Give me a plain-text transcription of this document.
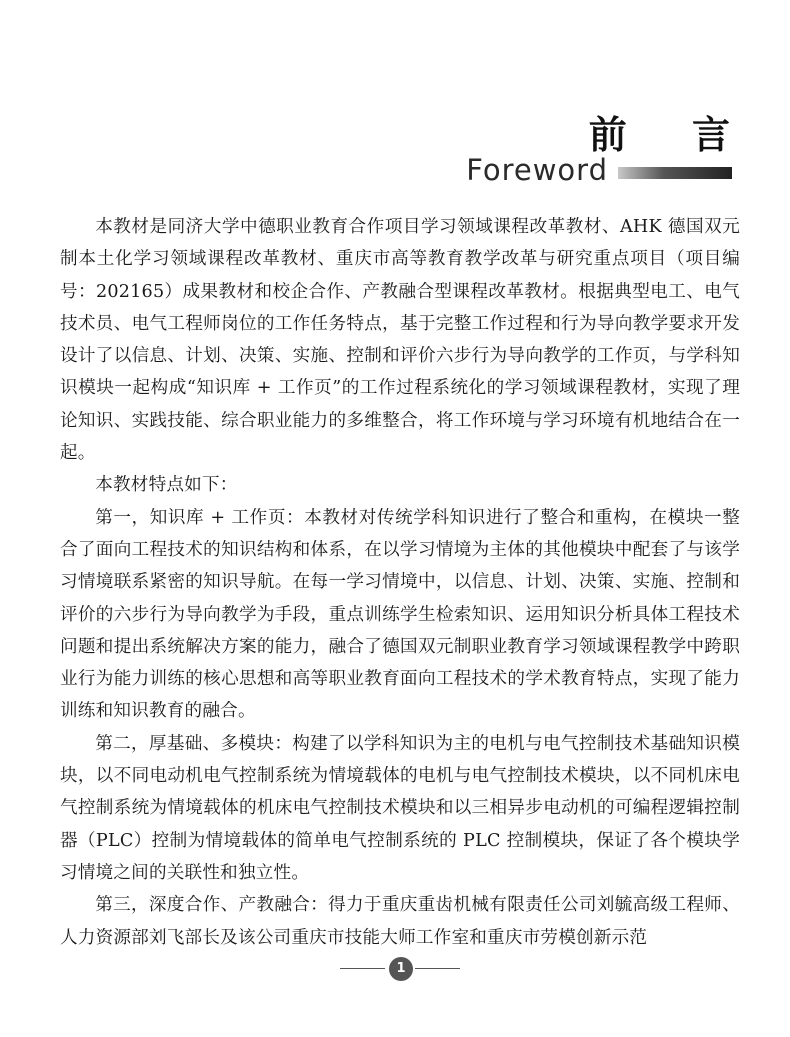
前 言
Foreword

本教材是同济大学中德职业教育合作项目学习领域课程改革教材、AHK 德国双元制本土化学习领域课程改革教材、重庆市高等教育教学改革与研究重点项目（项目编号：202165）成果教材和校企合作、产教融合型课程改革教材。根据典型电工、电气技术员、电气工程师岗位的工作任务特点，基于完整工作过程和行为导向教学要求开发设计了以信息、计划、决策、实施、控制和评价六步行为导向教学的工作页，与学科知识模块一起构成“知识库 + 工作页”的工作过程系统化的学习领域课程教材，实现了理论知识、实践技能、综合职业能力的多维整合，将工作环境与学习环境有机地结合在一起。

本教材特点如下：

第一，知识库 + 工作页：本教材对传统学科知识进行了整合和重构，在模块一整合了面向工程技术的知识结构和体系，在以学习情境为主体的其他模块中配套了与该学习情境联系紧密的知识导航。在每一学习情境中，以信息、计划、决策、实施、控制和评价的六步行为导向教学为手段，重点训练学生检索知识、运用知识分析具体工程技术问题和提出系统解决方案的能力，融合了德国双元制职业教育学习领域课程教学中跨职业行为能力训练的核心思想和高等职业教育面向工程技术的学术教育特点，实现了能力训练和知识教育的融合。

第二，厚基础、多模块：构建了以学科知识为主的电机与电气控制技术基础知识模块，以不同电动机电气控制系统为情境载体的电机与电气控制技术模块，以不同机床电气控制系统为情境载体的机床电气控制技术模块和以三相异步电动机的可编程逻辑控制器（PLC）控制为情境载体的简单电气控制系统的 PLC 控制模块，保证了各个模块学习情境之间的关联性和独立性。

第三，深度合作、产教融合：得力于重庆重齿机械有限责任公司刘毓高级工程师、人力资源部刘飞部长及该公司重庆市技能大师工作室和重庆市劳模创新示范

1
